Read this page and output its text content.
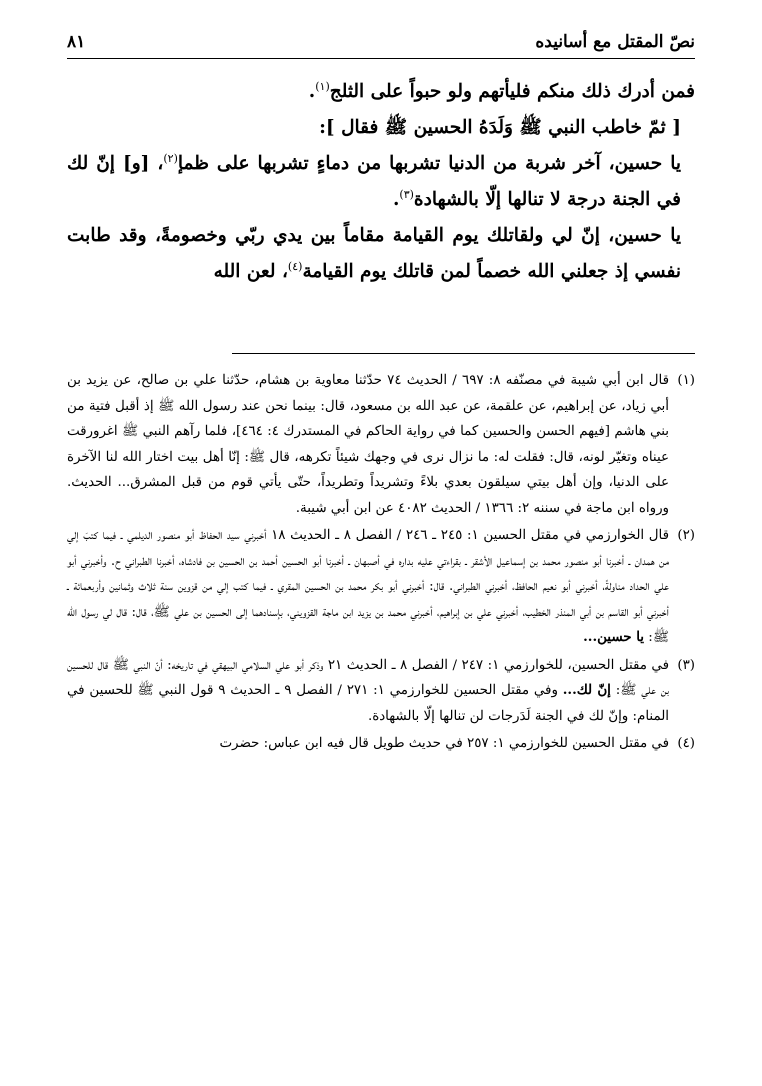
نصّ المقتل مع أسانيده
٨١

فمن أدرك ذلك منكم فليأتهم ولو حبواً على الثلج$^{(١)}$.

[ ثمّ خاطب النبي ﷺ وَلَدَهُ الحسين ﷺ فقال ]:

يا حسين، آخر شربة من الدنيا تشربها من دماءٍ تشربها على ظمإ$^{(٢)}$، [و] إنّ لك في الجنة درجة لا تنالها إلّا بالشهادة$^{(٣)}$.

يا حسين، إنّ لي ولقاتلك يوم القيامة مقاماً بين يدي ربّي وخصومةً، وقد طابت نفسي إذ جعلني الله خصماً لمن قاتلك يوم القيامة$^{(٤)}$، لعن الله

(١)
قال ابن أبي شيبة في مصنّفه ٨: ٦٩٧ / الحديث ٧٤ حدّثنا معاوية بن هشام، حدّثنا علي بن صالح، عن يزيد بن أبي زياد، عن إبراهيم، عن علقمة، عن عبد الله بن مسعود، قال: بينما نحن عند رسول الله ﷺ إذ أقبل فتية من بني هاشم [فيهم الحسن والحسين كما في رواية الحاكم في المستدرك ٤: ٤٦٤]، فلما رآهم النبي ﷺ اغرورقت عيناه وتغيّر لونه، قال: فقلت له: ما نزال نرى في وجهك شيئاً تكرهه، قال ﷺ: إنّا أهل بيت اختار الله لنا الآخرة على الدنيا، وإن أهل بيتي سيلقون بعدي بلاءً وتشريداً وتطريداً، حتّى يأتي قوم من قبل المشرق... الحديث. ورواه ابن ماجة في سننه ٢: ١٣٦٦ / الحديث ٤٠٨٢ عن ابن أبي شيبة.
(٢)
قال الخوارزمي في مقتل الحسين ١: ٢٤٥ ـ ٢٤٦ / الفصل ٨ ـ الحديث ١٨ أخبرني سيد الحفاظ أبو منصور الديلمي ـ فيما كتبَ إلي من همدان ـ أخبرنا أبو منصور محمد بن إسماعيل الأشقر ـ بقراءتي عليه بداره في أصبهان ـ أخبرنا أبو الحسين أحمد بن الحسين بن فادشاه، أخبرنا الطبراني ح. وأخبرني أبو علي الحداد مناولةً، أخبرني أبو نعيم الحافظ، أخبرني الطبراني. قال: أخبرني أبو بكر محمد بن الحسين المقري ـ فيما كتب إلي من قزوين سنة ثلاث وثمانين وأربعمائة ـ أخبرني أبو القاسم بن أبي المنذر الخطيب، أخبرني علي بن إبراهيم، أخبرني محمد بن يزيد ابن ماجة القزويني، بإسنادهما إلى الحسين بن علي ﷺ، قال: قال لي رسول الله ﷺ: يا حسين...
(٣)
في مقتل الحسين، للخوارزمي ١: ٢٤٧ / الفصل ٨ ـ الحديث ٢١ وذكر أبو علي السلامي البيهقي في تاريخه: أنّ النبي ﷺ قال للحسين بن علي ﷺ: إنّ لك... وفي مقتل الحسين للخوارزمي ١: ٢٧١ / الفصل ٩ ـ الحديث ٩ قول النبي ﷺ للحسين في المنام: وإنّ لك في الجنة لَدَرجات لن تنالها إلّا بالشهادة.
(٤)
في مقتل الحسين للخوارزمي ١: ٢٥٧ في حديث طويل قال فيه ابن عباس: حضرت
